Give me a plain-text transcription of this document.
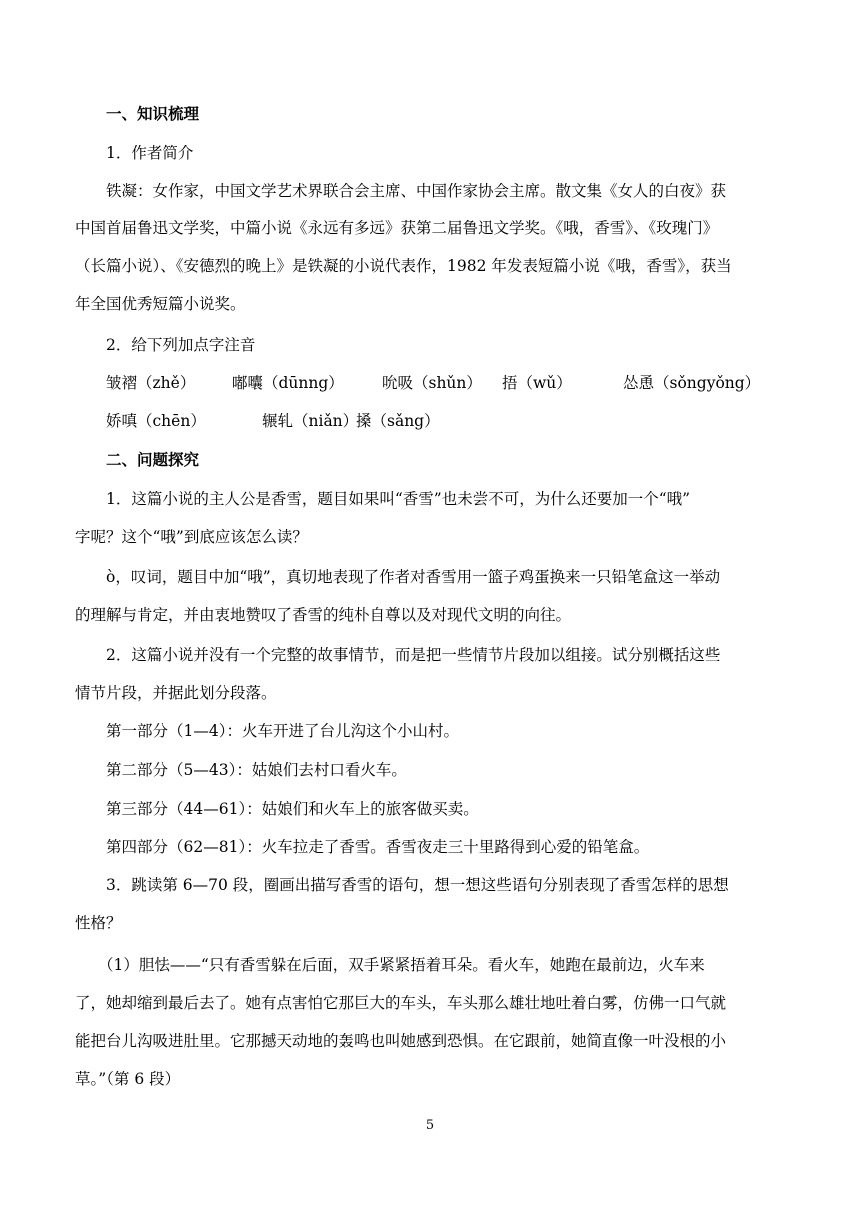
一、知识梳理
1．作者简介
铁凝：女作家，中国文学艺术界联合会主席、中国作家协会主席。散文集《女人的白夜》获
中国首届鲁迅文学奖，中篇小说《永远有多远》获第二届鲁迅文学奖。《哦，香雪》、《玫瑰门》
（长篇小说）、《安德烈的晚上》是铁凝的小说代表作，1982 年发表短篇小说《哦，香雪》，获当
年全国优秀短篇小说奖。
2．给下列加点字注音
皱褶（zhě） 嘟囔（dūnng） 吮吸（shǔn） 捂（wǔ）	怂恿（sǒngyǒng）
娇嗔（chēn）	辗轧（niǎn）
搡（sǎng）
二、问题探究
1．这篇小说的主人公是香雪，题目如果叫“香雪”也未尝不可，为什么还要加一个“哦”
字呢？这个“哦”到底应该怎么读？
ò，叹词，题目中加“哦”，真切地表现了作者对香雪用一篮子鸡蛋换来一只铅笔盒这一举动
的理解与肯定，并由衷地赞叹了香雪的纯朴自尊以及对现代文明的向往。
2．这篇小说并没有一个完整的故事情节，而是把一些情节片段加以组接。试分别概括这些
情节片段，并据此划分段落。
第一部分（1—4）：火车开进了台儿沟这个小山村。
第二部分（5—43）：姑娘们去村口看火车。
第三部分（44—61）：姑娘们和火车上的旅客做买卖。
第四部分（62—81）：火车拉走了香雪。香雪夜走三十里路得到心爱的铅笔盒。
3．跳读第 6—70 段，圈画出描写香雪的语句，想一想这些语句分别表现了香雪怎样的思想
性格？
（1）胆怯——“只有香雪躲在后面，双手紧紧捂着耳朵。看火车，她跑在最前边，火车来
了，她却缩到最后去了。她有点害怕它那巨大的车头，车头那么雄壮地吐着白雾，仿佛一口气就
能把台儿沟吸进肚里。它那撼天动地的轰鸣也叫她感到恐惧。在它跟前，她简直像一叶没根的小
草。”（第 6 段）
5
